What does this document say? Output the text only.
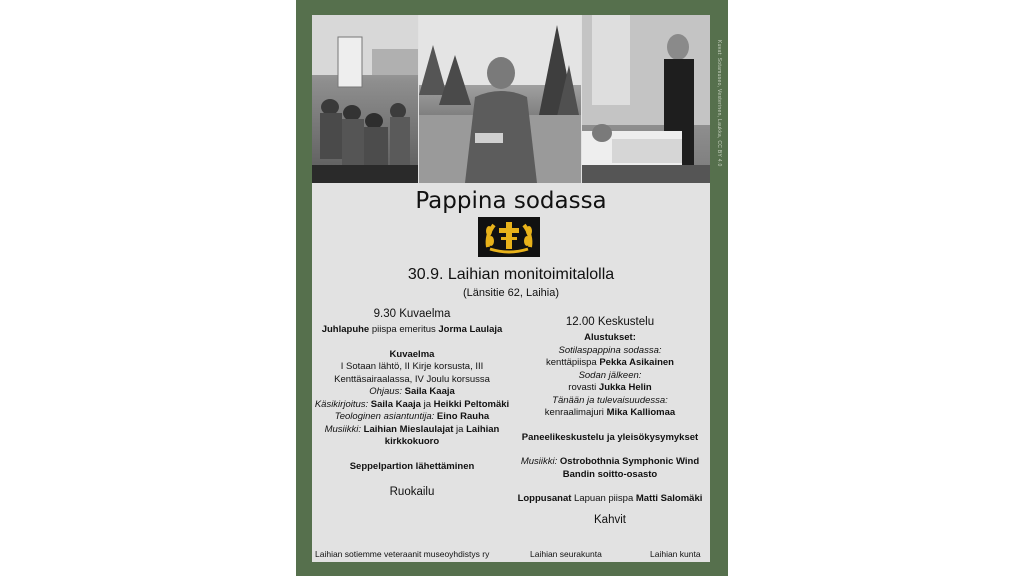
Pappina sodassa
30.9. Laihian monitoimitalolla
(Länsitie 62, Laihia)
9.30 Kuvaelma
Juhlapuhe piispa emeritus Jorma Laulaja
Kuvaelma
I Sotaan lähtö, II Kirje korsusta, III Kenttäsairaalassa, IV Joulu korsussa
Ohjaus: Saila Kaaja
Käsikirjoitus: Saila Kaaja ja Heikki Peltomäki
Teologinen asiantuntija: Eino Rauha
Musiikki: Laihian Mieslaulajat ja Laihian kirkkokuoro
Seppelpartion lähettäminen
Ruokailu
12.00 Keskustelu
Alustukset:
Sotilaspappina sodassa:
kenttäpiispa Pekka Asikainen
Sodan jälkeen:
rovasti Jukka Helin
Tänään ja tulevaisuudessa:
kenraalimajuri Mika Kalliomaa
Paneelikeskustelu ja yleisökysymykset
Musiikki: Ostrobothnia Symphonic Wind Bandin soitto-osasto
Loppusanat Lapuan piispa Matti Salomäki
Kahvit
Laihian sotiemme veteraanit museoyhdistys ry	Laihian seurakunta	Laihian kunta
Kuvat: Sotamuseo, Vesterinen, Laukka, CC BY 4.0
